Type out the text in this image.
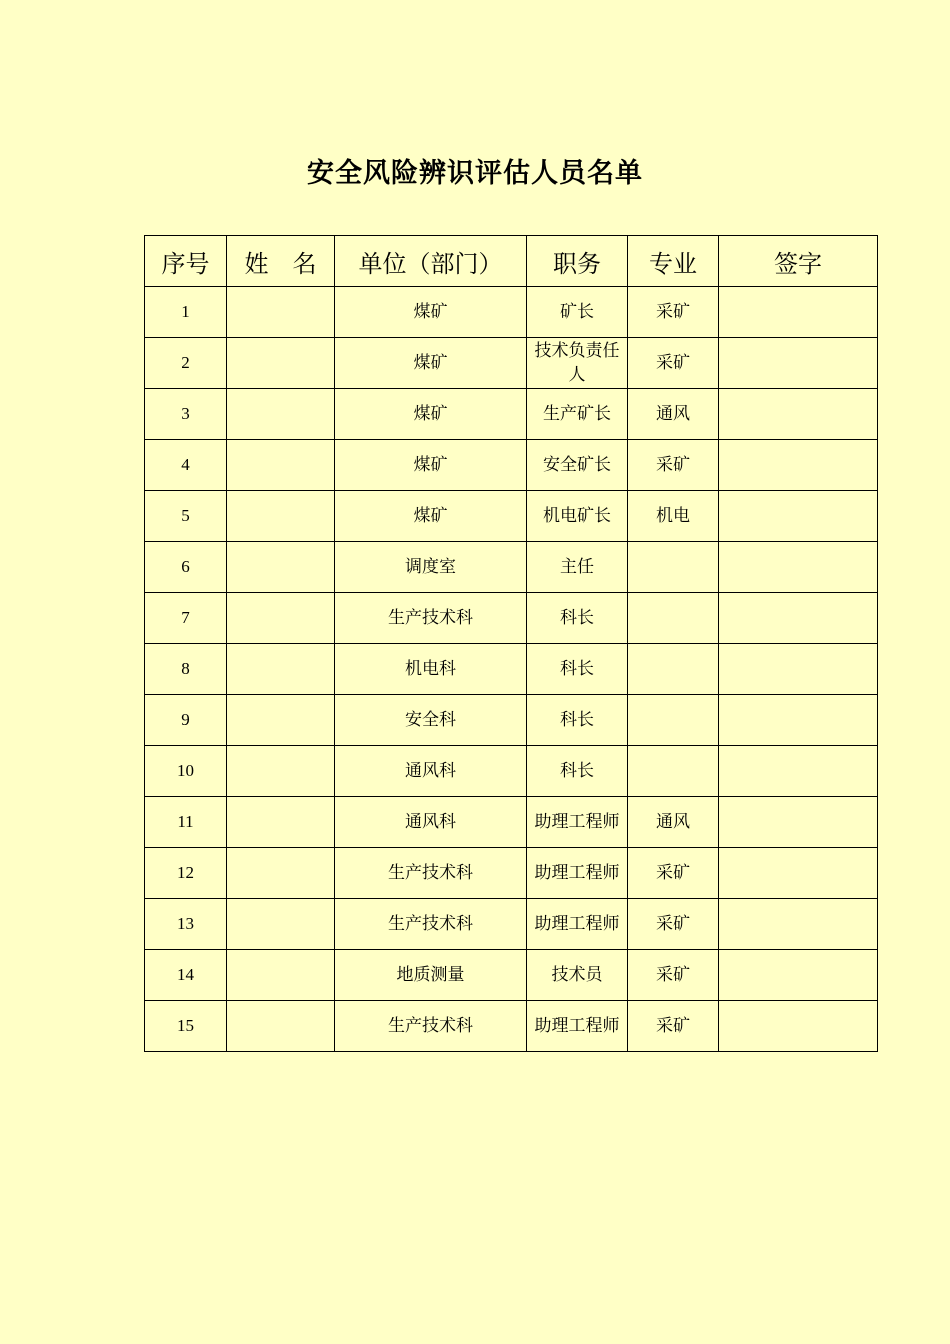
安全风险辨识评估人员名单
序号	姓　名	单位（部门）	职务	专业	签字
1		煤矿	矿长	采矿	
2		煤矿	技术负责任人	采矿	
3		煤矿	生产矿长	通风	
4		煤矿	安全矿长	采矿	
5		煤矿	机电矿长	机电	
6		调度室	主任		
7		生产技术科	科长		
8		机电科	科长		
9		安全科	科长		
10		通风科	科长		
11		通风科	助理工程师	通风	
12		生产技术科	助理工程师	采矿	
13		生产技术科	助理工程师	采矿	
14		地质测量	技术员	采矿	
15		生产技术科	助理工程师	采矿	
